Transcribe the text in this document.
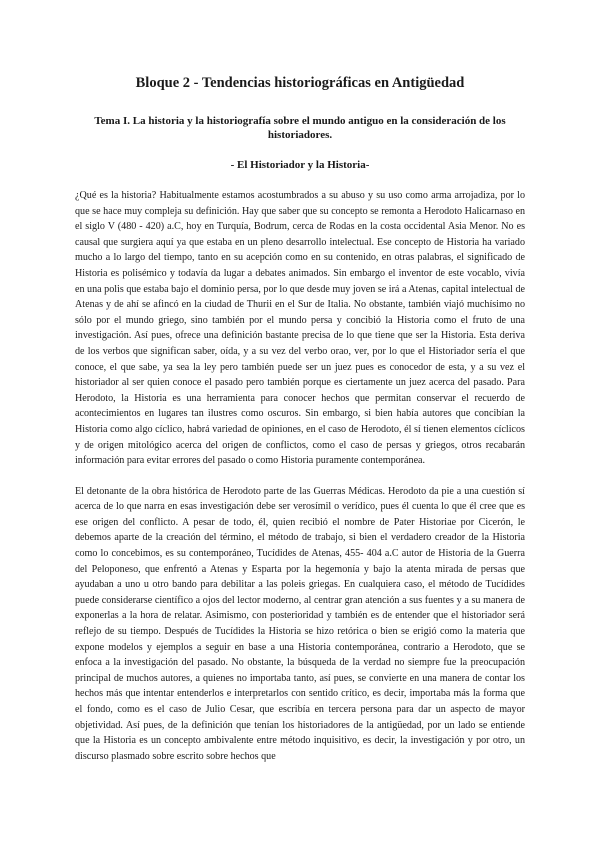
Bloque 2 - Tendencias historiográficas en Antigüedad
Tema I. La historia y la historiografía sobre el mundo antiguo en la consideración de los historiadores.
- El Historiador y la Historia-

¿Qué es la historia? Habitualmente estamos acostumbrados a su abuso y su uso como arma arrojadiza, por lo que se hace muy compleja su definición. Hay que saber que su concepto se remonta a Herodoto Halicarnaso en el siglo V (480 - 420) a.C, hoy en Turquía, Bodrum, cerca de Rodas en la costa occidental Asia Menor. No es causal que surgiera aquí ya que estaba en un pleno desarrollo intelectual. Ese concepto de Historia ha variado mucho a lo largo del tiempo, tanto en su acepción como en su contenido, en otras palabras, el significado de Historia es polisémico y todavía da lugar a debates animados. Sin embargo el inventor de este vocablo, vivía en una polis que estaba bajo el dominio persa, por lo que desde muy joven se irá a Atenas, capital intelectual de Atenas y de ahí se afincó en la ciudad de Thurii en el Sur de Italia. No obstante, también viajó muchísimo no sólo por el mundo griego, sino también por el mundo persa y concibió la Historia como el fruto de una investigación. Así pues, ofrece una definición bastante precisa de lo que tiene que ser la Historia. Esta deriva de los verbos que significan saber, oída, y a su vez del verbo orao, ver, por lo que el Historiador sería el que conoce, el que sabe, ya sea la ley pero también puede ser un juez pues es conocedor de esta, y a su vez el historiador al ser quien conoce el pasado pero también porque es ciertamente un juez acerca del pasado. Para Herodoto, la Historia es una herramienta para conocer hechos que permitan conservar el recuerdo de acontecimientos en lugares tan ilustres como oscuros. Sin embargo, si bien había autores que concibían la Historia como algo cíclico, habrá variedad de opiniones, en el caso de Herodoto, él sí tienen elementos cíclicos y de origen mitológico acerca del origen de conflictos, como el caso de persas y griegos, otros recabarán información para evitar errores del pasado o como Historia puramente contemporánea.

El detonante de la obra histórica de Herodoto parte de las Guerras Médicas. Herodoto da pie a una cuestión sí acerca de lo que narra en esas investigación debe ser verosímil o verídico, pues él cuenta lo que él cree que es ese origen del conflicto. A pesar de todo, él, quien recibió el nombre de Pater Historiae por Cicerón, le debemos aparte de la creación del término, el método de trabajo, si bien el verdadero creador de la Historia como lo concebimos, es su contemporáneo, Tucídides de Atenas, 455- 404 a.C autor de Historia de la Guerra del Peloponeso, que enfrentó a Atenas y Esparta por la hegemonía y bajo la atenta mirada de persas que ayudaban a uno u otro bando para debilitar a las poleis griegas. En cualquiera caso, el método de Tucídides puede considerarse científico a ojos del lector moderno, al centrar gran atención a sus fuentes y a su manera de exponerlas a la hora de relatar. Asimismo, con posterioridad y también es de entender que el historiador será reflejo de su tiempo. Después de Tucídides la Historia se hizo retórica o bien se erigió como la materia que expone modelos y ejemplos a seguir en base a una Historia contemporánea, contrario a Herodoto, que se enfoca a la investigación del pasado. No obstante, la búsqueda de la verdad no siempre fue la preocupación principal de muchos autores, a quienes no importaba tanto, así pues, se convierte en una manera de contar los hechos más que intentar entenderlos e interpretarlos con sentido crítico, es decir, importaba más la forma que el fondo, como es el caso de Julio Cesar, que escribía en tercera persona para dar un aspecto de mayor objetividad. Así pues, de la definición que tenían los historiadores de la antigüedad, por un lado se entiende que la Historia es un concepto ambivalente entre método inquisitivo, es decir, la investigación y por otro, un discurso plasmado sobre escrito sobre hechos que
